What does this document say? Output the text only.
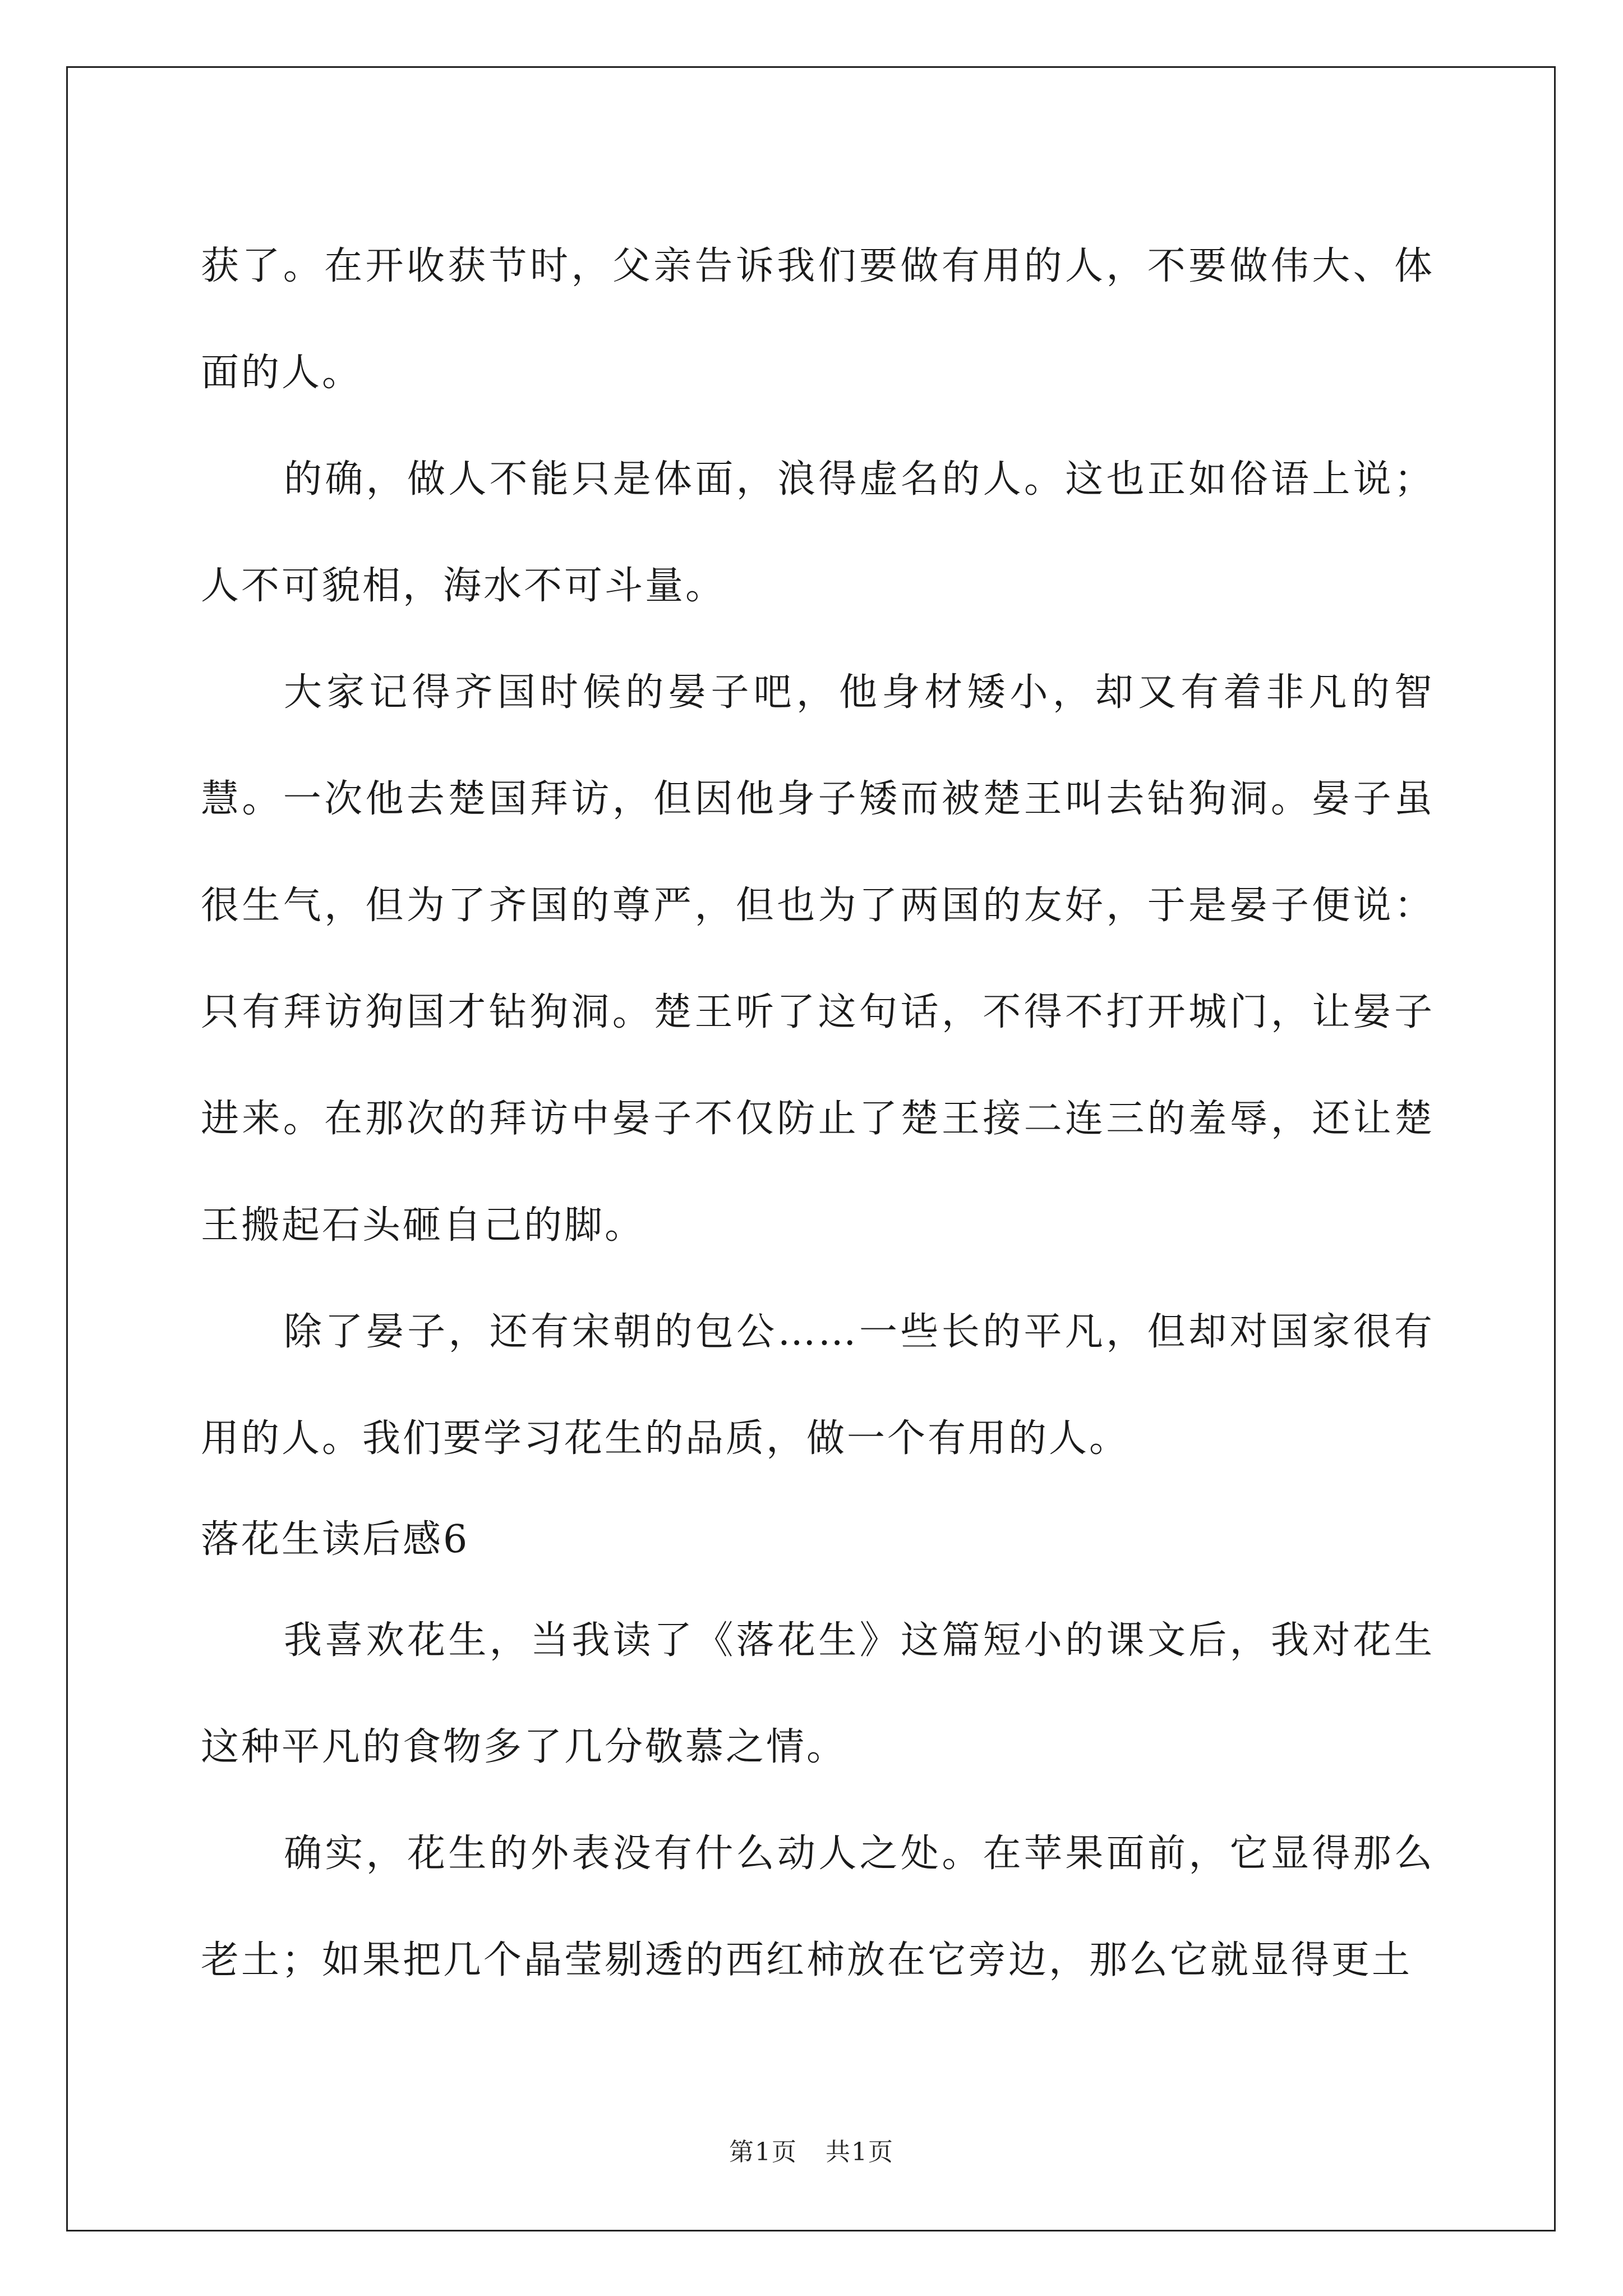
获了。在开收获节时，父亲告诉我们要做有用的人，不要做伟大、体面的人。

的确，做人不能只是体面，浪得虚名的人。这也正如俗语上说；人不可貌相，海水不可斗量。

大家记得齐国时候的晏子吧，他身材矮小，却又有着非凡的智慧。一次他去楚国拜访，但因他身子矮而被楚王叫去钻狗洞。晏子虽很生气，但为了齐国的尊严，但也为了两国的友好，于是晏子便说：只有拜访狗国才钻狗洞。楚王听了这句话，不得不打开城门，让晏子进来。在那次的拜访中晏子不仅防止了楚王接二连三的羞辱，还让楚王搬起石头砸自己的脚。

除了晏子，还有宋朝的包公……一些长的平凡，但却对国家很有用的人。我们要学习花生的品质，做一个有用的人。

落花生读后感6

我喜欢花生，当我读了《落花生》这篇短小的课文后，我对花生这种平凡的食物多了几分敬慕之情。

确实，花生的外表没有什么动人之处。在苹果面前，它显得那么老土；如果把几个晶莹剔透的西红柿放在它旁边，那么它就显得更土

第1页 共1页
